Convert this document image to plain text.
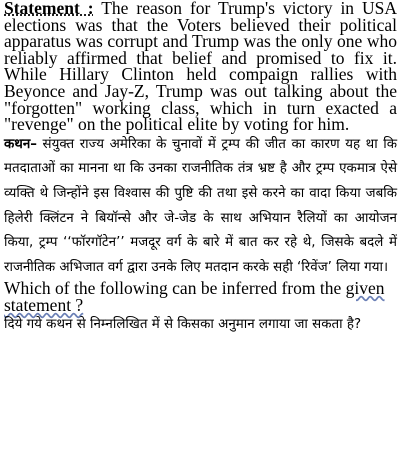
Statement : The reason for Trump's victory in USA elections was that the Voters believed their political apparatus was corrupt and Trump was the only one who reliably affirmed that belief and promised to fix it. While Hillary Clinton held compaign rallies with Beyonce and Jay-Z, Trump was out talking about the "forgotten" working class, which in turn exacted a "revenge" on the political elite by voting for him.

कथन– संयुक्त राज्य अमेरिका के चुनावों में ट्रम्प की जीत का कारण यह था कि मतदाताओं का मानना था कि उनका राजनीतिक तंत्र भ्रष्ट है और ट्रम्प एकमात्र ऐसे व्यक्ति थे जिन्होंने इस विश्वास की पुष्टि की तथा इसे करने का वादा किया जबकि हिलेरी क्लिंटन ने बियॉन्से और जे-जेड के साथ अभियान रैलियों का आयोजन किया, ट्रम्प ‘‘फॉरगॉटेन’’ मजदूर वर्ग के बारे में बात कर रहे थे, जिसके बदले में राजनीतिक अभिजात वर्ग द्वारा उनके लिए मतदान करके सही ‘रिवेंज’ लिया गया।

Which of the following can be inferred from the given statement ?

दिये गये कथन से निम्नलिखित में से किसका अनुमान लगाया जा सकता है?
